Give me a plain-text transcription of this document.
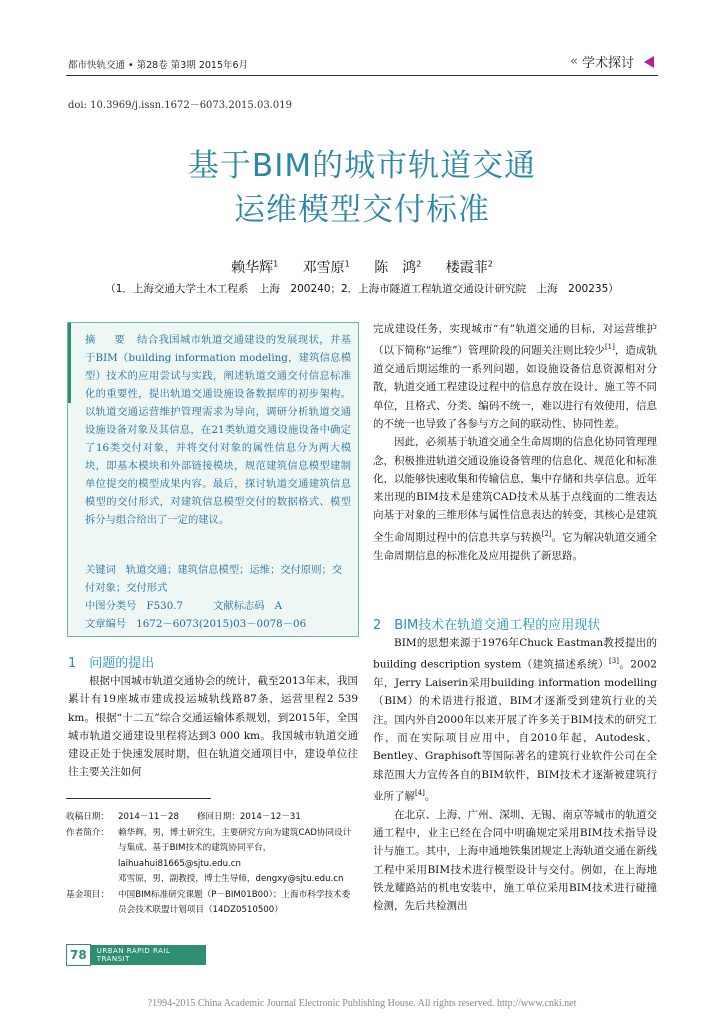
都市快轨交通 • 第28卷 第3期 2015年6月	« 学术探讨
doi: 10.3969/j.issn.1672－6073.2015.03.019
基于BIM的城市轨道交通
运维模型交付标准
赖华辉$^1$ 邓雪原$^1$ 陈　鸿$^2$ 楼霞菲$^2$
（1．上海交通大学土木工程系　上海　200240；2．上海市隧道工程轨道交通设计研究院　上海　200235）
摘　要 结合我国城市轨道交通建设的发展现状，并基于BIM（building information modeling，建筑信息模型）技术的应用尝试与实践，阐述轨道交通交付信息标准化的重要性，提出轨道交通设施设备数据库的初步架构。以轨道交通运营维护管理需求为导向，调研分析轨道交通设施设备对象及其信息，在21类轨道交通设施设备中确定了16类交付对象，并将交付对象的属性信息分为两大模块，即基本模块和外部链接模块，规范建筑信息模型建制单位提交的模型成果内容。最后，探讨轨道交通建筑信息模型的交付形式，对建筑信息模型交付的数据格式、模型拆分与组合给出了一定的建议。
关键词 轨道交通；建筑信息模型；运维；交付原则；交付对象；交付形式
中图分类号 F530.7	文献标志码 A
文章编号 1672－6073(2015)03－0078－06
1　问题的提出

根据中国城市轨道交通协会的统计，截至2013年末，我国累计有19座城市建成投运城轨线路87条，运营里程2 539 km。根据“十二五”综合交通运输体系规划，到2015年，全国城市轨道交通建设里程将达到3 000 km。我国城市轨道交通建设正处于快速发展时期，但在轨道交通项目中，建设单位往往主要关注如何

收稿日期：	2014－11－28 修回日期： 2014－12－31
作者简介：	赖华辉，男，博士研究生，主要研究方向为建筑CAD协同设计与集成、基于BIM技术的建筑协同平台，laihuahui81665@sjtu.edu.cn
邓雪原，男，副教授，博士生导师，dengxy@sjtu.edu.cn
基金项目：	中国BIM标准研究课题（P－BIM01B00）；上海市科学技术委员会技术联盟计划项目（14DZ0510500）

完成建设任务，实现城市“有”轨道交通的目标，对运营维护（以下简称“运维”）管理阶段的问题关注则比较少[1]，造成轨道交通后期运维的一系列问题，如设施设备信息资源相对分散，轨道交通工程建设过程中的信息存放在设计、施工等不同单位，且格式、分类、编码不统一，难以进行有效使用，信息的不统一也导致了各参与方之间的联动性、协同性差。

因此，必须基于轨道交通全生命周期的信息化协同管理理念，积极推进轨道交通设施设备管理的信息化、规范化和标准化，以能够快速收集和传输信息，集中存储和共享信息。近年来出现的BIM技术是建筑CAD技术从基于点线面的二维表达向基于对象的三维形体与属性信息表达的转变，其核心是建筑全生命周期过程中的信息共享与转换[2]。它为解决轨道交通全生命周期信息的标准化及应用提供了新思路。

2　BIM技术在轨道交通工程的应用现状

BIM的思想来源于1976年Chuck Eastman教授提出的building description system（建筑描述系统）[3]。2002年，Jerry Laiserin采用building information modelling（BIM）的术语进行报道，BIM才逐渐受到建筑行业的关注。国内外自2000年以来开展了许多关于BIM技术的研究工作，而在实际项目应用中，自2010年起，Autodesk、Bentley、Graphisoft等国际著名的建筑行业软件公司在全球范围大力宣传各自的BIM软件，BIM技术才逐渐被建筑行业所了解[4]。

在北京、上海、广州、深圳、无锡、南京等城市的轨道交通工程中，业主已经在合同中明确规定采用BIM技术指导设计与施工。其中，上海申通地铁集团规定上海轨道交通在新线工程中采用BIM技术进行模型设计与交付。例如，在上海地铁龙耀路站的机电安装中，施工单位采用BIM技术进行碰撞检测，先后共检测出

78	URBAN RAPID RAIL TRANSIT
?1994-2015 China Academic Journal Electronic Publishing House. All rights reserved. http://www.cnki.net
